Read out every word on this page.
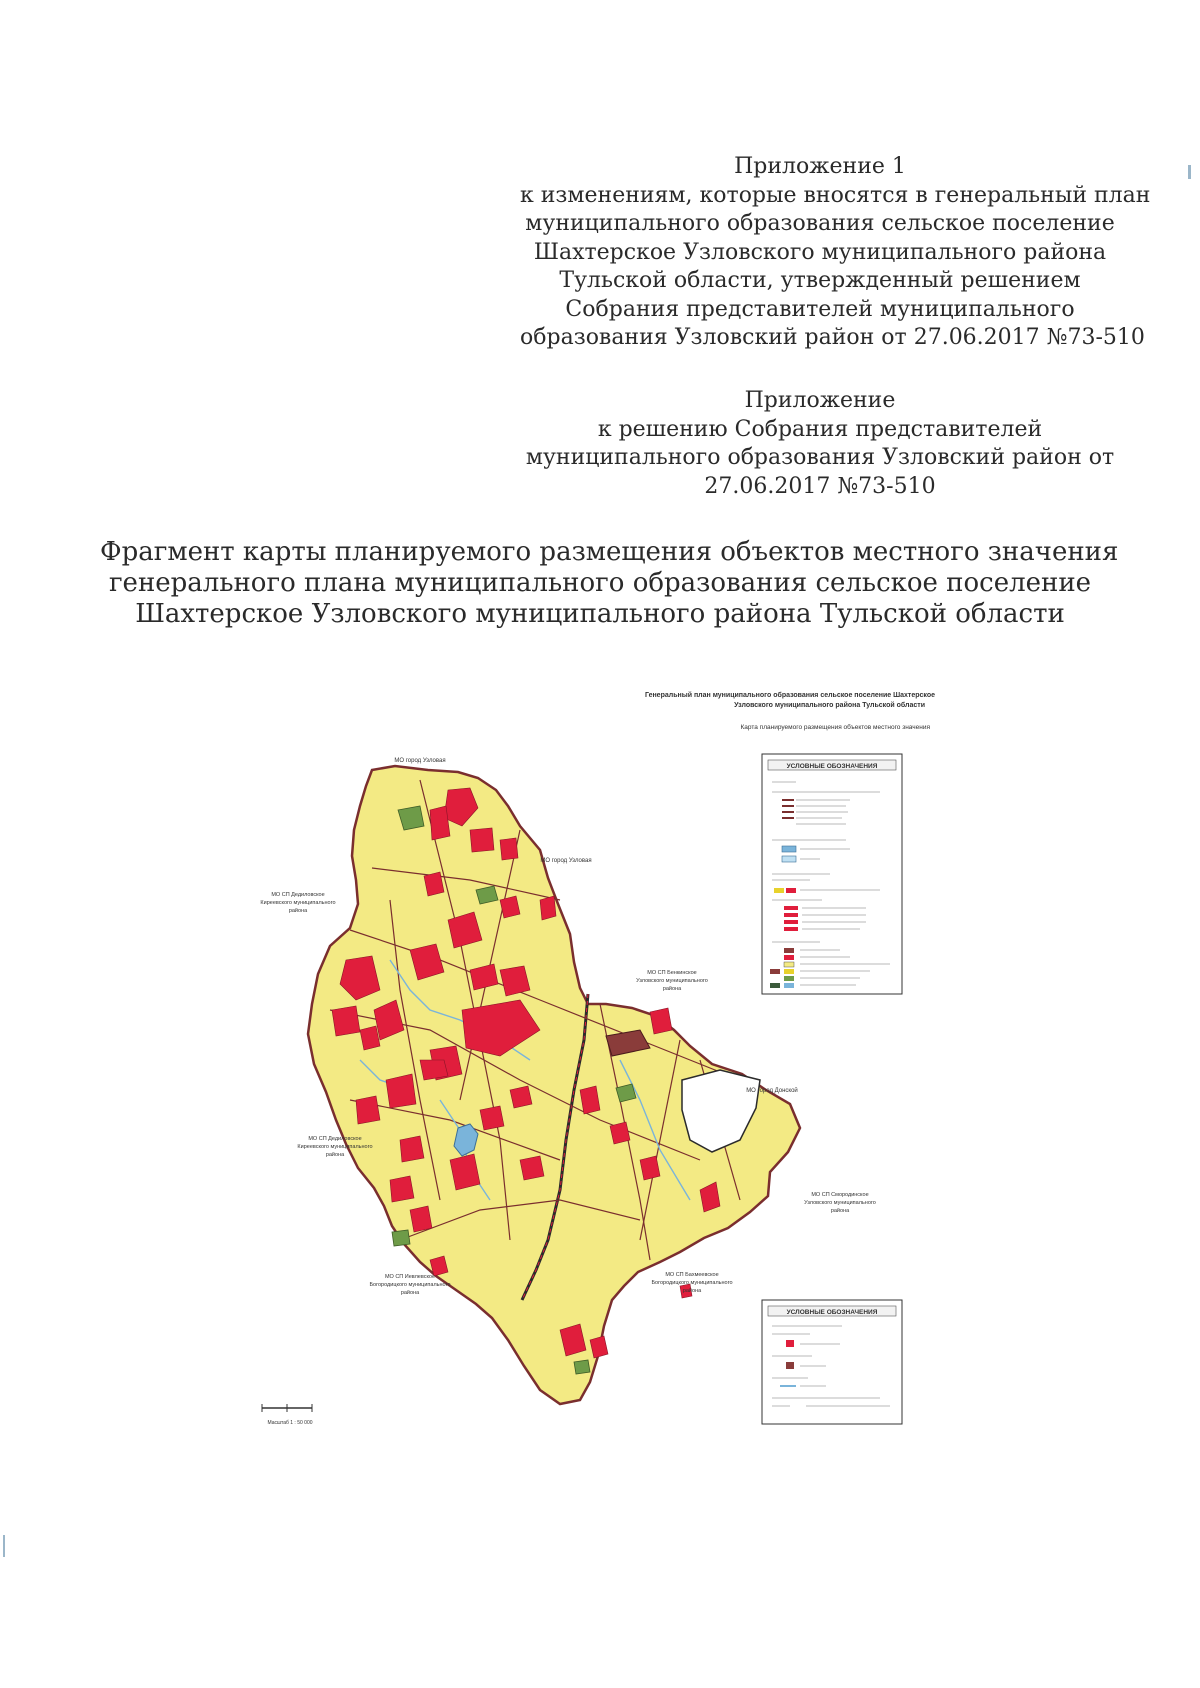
Приложение 1
к изменениям, которые вносятся в генеральный план
муниципального образования сельское поселение
Шахтерское Узловского муниципального района
Тульской области, утвержденный решением
Собрания представителей муниципального
образования Узловский район от 27.06.2017 №73-510
Приложение
к решению Собрания представителей
муниципального образования Узловский район от
27.06.2017 №73-510
Фрагмент карты планируемого размещения объектов местного значения
генерального плана муниципального образования сельское поселение
Шахтерское Узловского муниципального района Тульской области
Генеральный план муниципального образования сельское поселение Шахтерское
Узловского муниципального района Тульской области
Карта планируемого размещения объектов местного значения
МО город Узловая
МО город Узловая
МО СП Дедиловское
Киреевского муниципального
района
МО СП Бенкинское
Узловского муниципального
района
МО город Донской
МО СП Дедиловское
Киреевского муниципального
района
МО СП Смородинское
Узловского муниципального
района
МО СП Иевлевское
Богородицкого муниципального
района
МО СП Бахмеевское
Богородицкого муниципального
района
УСЛОВНЫЕ ОБОЗНАЧЕНИЯ
УСЛОВНЫЕ ОБОЗНАЧЕНИЯ
Масштаб 1 : 50 000
